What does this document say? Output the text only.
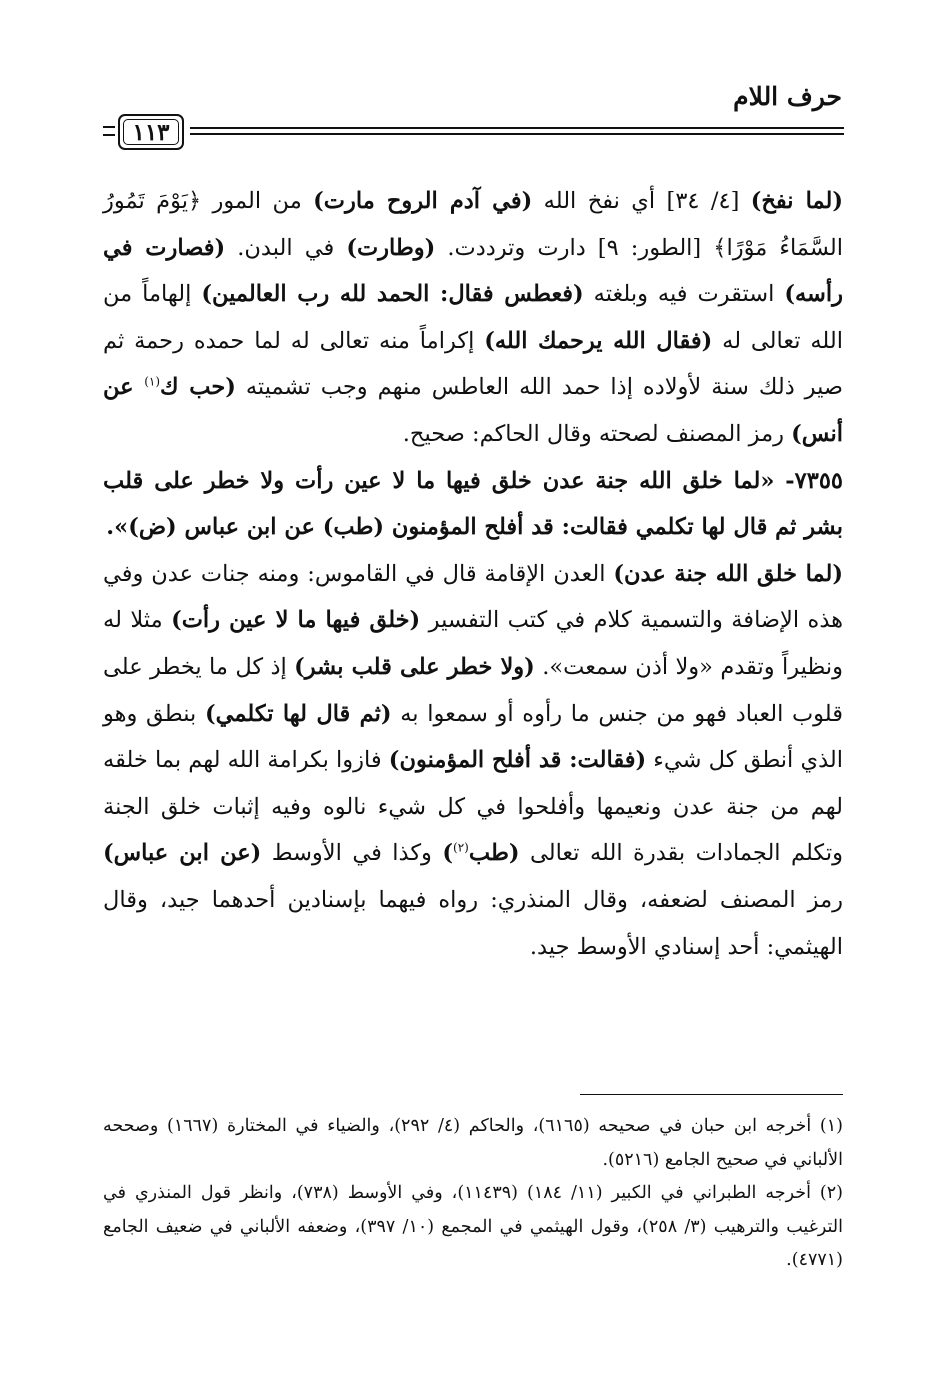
حرف اللام
١١٣

(لما نفخ) [٤/ ٣٤] أي نفخ الله (في آدم الروح مارت) من المور ﴿يَوْمَ تَمُورُ السَّمَاءُ مَوْرًا﴾ [الطور: ٩] دارت وترددت. (وطارت) في البدن. (فصارت في رأسه) استقرت فيه وبلغته (فعطس فقال: الحمد لله رب العالمين) إلهاماً من الله تعالى له (فقال الله يرحمك الله) إكراماً منه تعالى له لما حمده رحمة ثم صير ذلك سنة لأولاده إذا حمد الله العاطس منهم وجب تشميته (حب ك$^{(١)}$ عن أنس) رمز المصنف لصحته وقال الحاكم: صحيح.

٧٣٥٥- «لما خلق الله جنة عدن خلق فيها ما لا عين رأت ولا خطر على قلب بشر ثم قال لها تكلمي فقالت: قد أفلح المؤمنون (طب) عن ابن عباس (ض)».

(لما خلق الله جنة عدن) العدن الإقامة قال في القاموس: ومنه جنات عدن وفي هذه الإضافة والتسمية كلام في كتب التفسير (خلق فيها ما لا عين رأت) مثلا له ونظيراً وتقدم «ولا أذن سمعت». (ولا خطر على قلب بشر) إذ كل ما يخطر على قلوب العباد فهو من جنس ما رأوه أو سمعوا به (ثم قال لها تكلمي) بنطق وهو الذي أنطق كل شيء (فقالت: قد أفلح المؤمنون) فازوا بكرامة الله لهم بما خلقه لهم من جنة عدن ونعيمها وأفلحوا في كل شيء نالوه وفيه إثبات خلق الجنة وتكلم الجمادات بقدرة الله تعالى (طب$^{(٢)}$) وكذا في الأوسط (عن ابن عباس) رمز المصنف لضعفه، وقال المنذري: رواه فيهما بإسنادين أحدهما جيد، وقال الهيثمي: أحد إسنادي الأوسط جيد.

(١) أخرجه ابن حبان في صحيحه (٦١٦٥)، والحاكم (٤/ ٢٩٢)، والضياء في المختارة (١٦٦٧) وصححه الألباني في صحيح الجامع (٥٢١٦).

(٢) أخرجه الطبراني في الكبير (١١/ ١٨٤) (١١٤٣٩)، وفي الأوسط (٧٣٨)، وانظر قول المنذري في الترغيب والترهيب (٣/ ٢٥٨)، وقول الهيثمي في المجمع (١٠/ ٣٩٧)، وضعفه الألباني في ضعيف الجامع (٤٧٧١).
